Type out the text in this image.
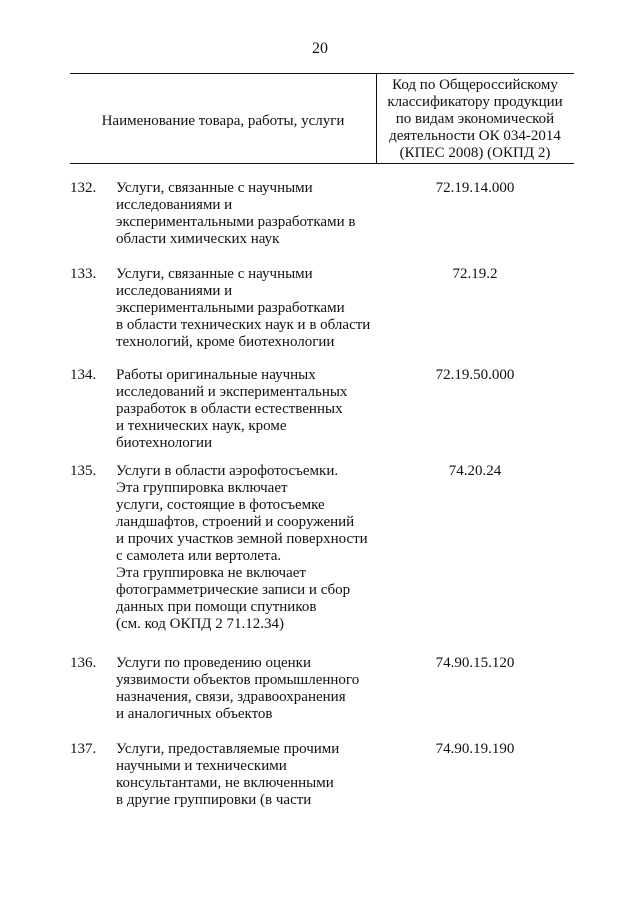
20
Наименование товара, работы, услуги
Код по Общероссийскому
классификатору продукции
по видам экономической
деятельности ОК 034-2014
(КПЕС 2008) (ОКПД 2)
132.	Услуги, связанные с научными
исследованиями и
экспериментальными разработками в
области химических наук
72.19.14.000
133.	Услуги, связанные с научными
исследованиями и
экспериментальными разработками
в области технических наук и в области
технологий, кроме биотехнологии
72.19.2
134.	Работы оригинальные научных
исследований и экспериментальных
разработок в области естественных
и технических наук, кроме
биотехнологии
72.19.50.000
135.	Услуги в области аэрофотосъемки.
Эта группировка включает
услуги, состоящие в фотосъемке
ландшафтов, строений и сооружений
и прочих участков земной поверхности
с самолета или вертолета.
Эта группировка не включает
фотограмметрические записи и сбор
данных при помощи спутников
(см. код ОКПД 2 71.12.34)
74.20.24
136.	Услуги по проведению оценки
уязвимости объектов промышленного
назначения, связи, здравоохранения
и аналогичных объектов
74.90.15.120
137.	Услуги, предоставляемые прочими
научными и техническими
консультантами, не включенными
в другие группировки (в части
74.90.19.190
